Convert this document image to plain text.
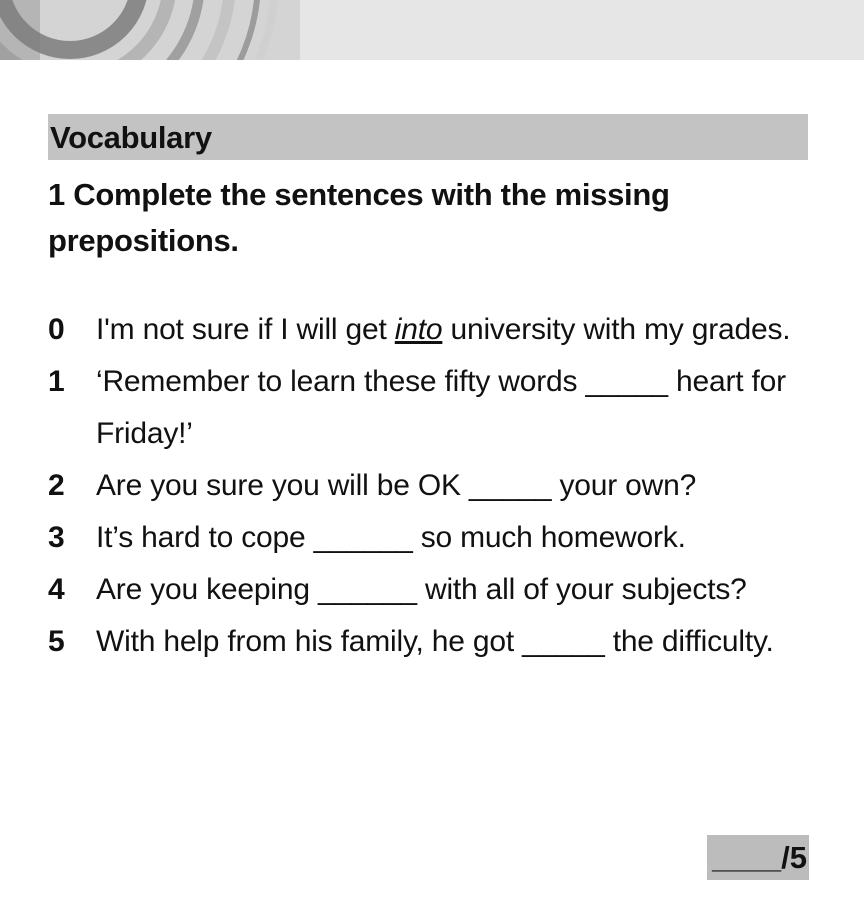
Vocabulary
1 Complete the sentences with the missing prepositions.
0	I'm not sure if I will get into university with my grades.
1	‘Remember to learn these fifty words _____ heart for Friday!’
2	Are you sure you will be OK _____ your own?
3	It’s hard to cope ______ so much homework.
4	Are you keeping ______ with all of your subjects?
5	With help from his family, he got _____ the difficulty.
____/5
